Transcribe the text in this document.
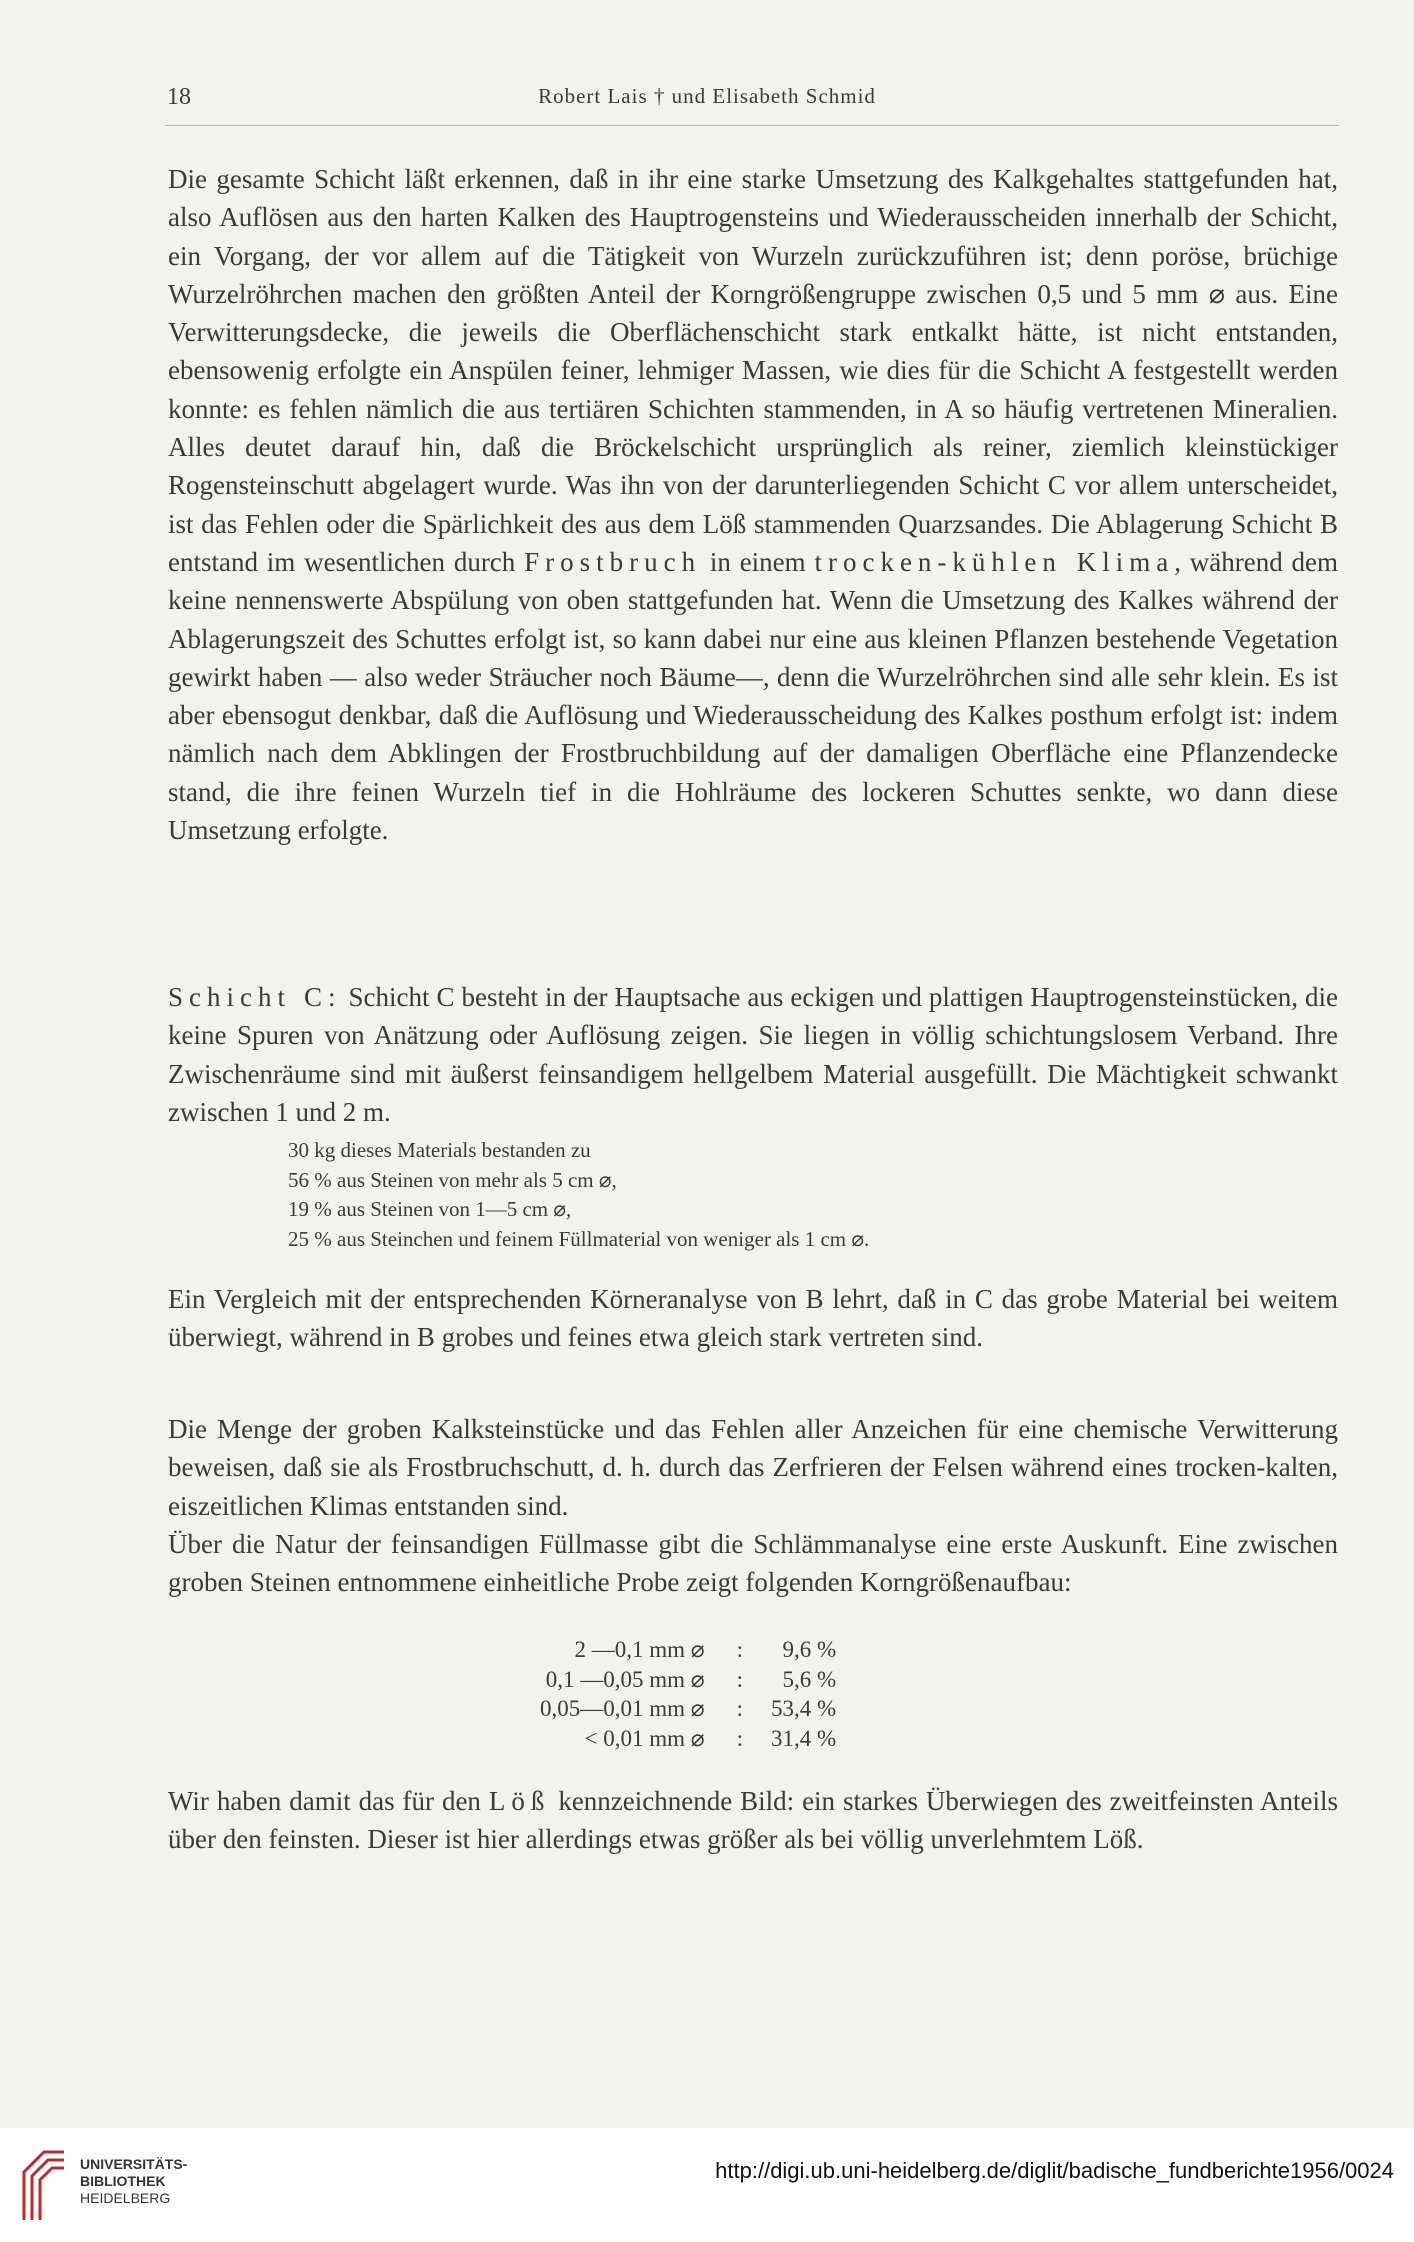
18	Robert Lais † und Elisabeth Schmid

Die gesamte Schicht läßt erkennen, daß in ihr eine starke Umsetzung des Kalkgehaltes stattgefunden hat, also Auflösen aus den harten Kalken des Hauptrogensteins und Wiederausscheiden innerhalb der Schicht, ein Vorgang, der vor allem auf die Tätigkeit von Wurzeln zurückzuführen ist; denn poröse, brüchige Wurzelröhrchen machen den größten Anteil der Korngrößengruppe zwischen 0,5 und 5 mm ⌀ aus. Eine Verwitterungsdecke, die jeweils die Oberflächenschicht stark entkalkt hätte, ist nicht entstanden, ebensowenig erfolgte ein Anspülen feiner, lehmiger Massen, wie dies für die Schicht A festgestellt werden konnte: es fehlen nämlich die aus tertiären Schichten stammenden, in A so häufig vertretenen Mineralien. Alles deutet darauf hin, daß die Bröckelschicht ursprünglich als reiner, ziemlich kleinstückiger Rogensteinschutt abgelagert wurde. Was ihn von der darunterliegenden Schicht C vor allem unterscheidet, ist das Fehlen oder die Spärlichkeit des aus dem Löß stammenden Quarzsandes. Die Ablagerung Schicht B entstand im wesentlichen durch Frostbruch in einem trocken-kühlen Klima, während dem keine nennenswerte Abspülung von oben stattgefunden hat. Wenn die Umsetzung des Kalkes während der Ablagerungszeit des Schuttes erfolgt ist, so kann dabei nur eine aus kleinen Pflanzen bestehende Vegetation gewirkt haben — also weder Sträucher noch Bäume—, denn die Wurzelröhrchen sind alle sehr klein. Es ist aber ebensogut denkbar, daß die Auflösung und Wiederausscheidung des Kalkes posthum erfolgt ist: indem nämlich nach dem Abklingen der Frostbruchbildung auf der damaligen Oberfläche eine Pflanzendecke stand, die ihre feinen Wurzeln tief in die Hohlräume des lockeren Schuttes senkte, wo dann diese Umsetzung erfolgte.

Schicht C: Schicht C besteht in der Hauptsache aus eckigen und plattigen Hauptrogensteinstücken, die keine Spuren von Anätzung oder Auflösung zeigen. Sie liegen in völlig schichtungslosem Verband. Ihre Zwischenräume sind mit äußerst feinsandigem hellgelbem Material ausgefüllt. Die Mächtigkeit schwankt zwischen 1 und 2 m.

30 kg dieses Materials bestanden zu
56 % aus Steinen von mehr als 5 cm ⌀,
19 % aus Steinen von 1—5 cm ⌀,
25 % aus Steinchen und feinem Füllmaterial von weniger als 1 cm ⌀.

Ein Vergleich mit der entsprechenden Körneranalyse von B lehrt, daß in C das grobe Material bei weitem überwiegt, während in B grobes und feines etwa gleich stark vertreten sind.

Die Menge der groben Kalksteinstücke und das Fehlen aller Anzeichen für eine chemische Verwitterung beweisen, daß sie als Frostbruchschutt, d. h. durch das Zerfrieren der Felsen während eines trocken-kalten, eiszeitlichen Klimas entstanden sind.

Über die Natur der feinsandigen Füllmasse gibt die Schlämmanalyse eine erste Auskunft. Eine zwischen groben Steinen entnommene einheitliche Probe zeigt folgenden Korngrößenaufbau:

2 —0,1 mm ⌀	:	9,6 %
0,1 —0,05 mm ⌀	:	5,6 %
0,05—0,01 mm ⌀	:	53,4 %
< 0,01 mm ⌀	:	31,4 %

Wir haben damit das für den Löß kennzeichnende Bild: ein starkes Überwiegen des zweitfeinsten Anteils über den feinsten. Dieser ist hier allerdings etwas größer als bei völlig unverlehmtem Löß.

UNIVERSITÄTS-
BIBLIOTHEK
HEIDELBERG
http://digi.ub.uni-heidelberg.de/diglit/badische_fundberichte1956/0024
